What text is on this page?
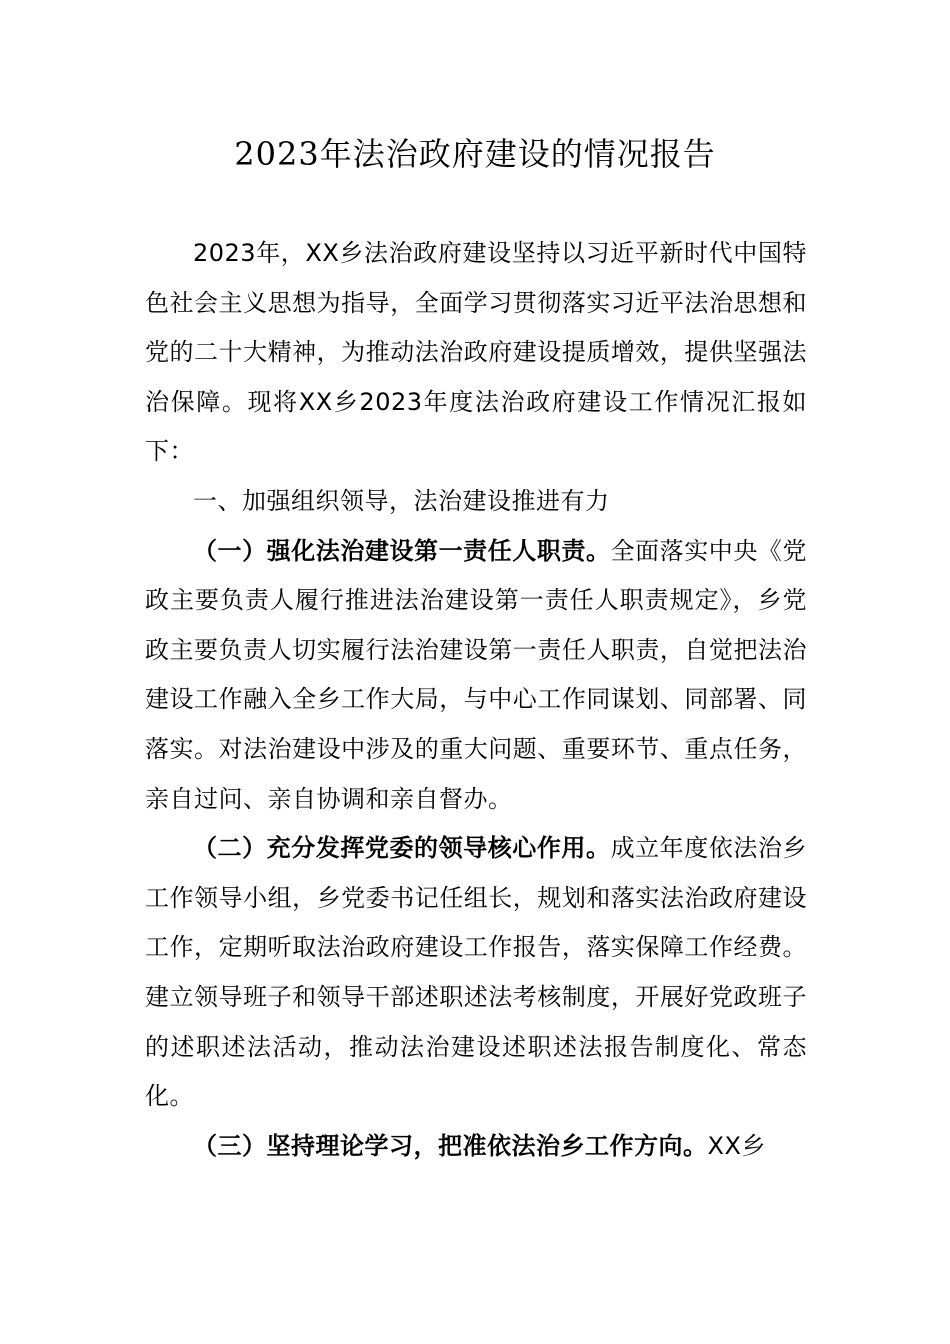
2023年法治政府建设的情况报告

2023年，XX乡法治政府建设坚持以习近平新时代中国特色社会主义思想为指导，全面学习贯彻落实习近平法治思想和党的二十大精神，为推动法治政府建设提质增效，提供坚强法治保障。现将XX乡2023年度法治政府建设工作情况汇报如下：

一、加强组织领导，法治建设推进有力

（一）强化法治建设第一责任人职责。全面落实中央《党政主要负责人履行推进法治建设第一责任人职责规定》，乡党政主要负责人切实履行法治建设第一责任人职责，自觉把法治建设工作融入全乡工作大局，与中心工作同谋划、同部署、同落实。对法治建设中涉及的重大问题、重要环节、重点任务，亲自过问、亲自协调和亲自督办。

（二）充分发挥党委的领导核心作用。成立年度依法治乡工作领导小组，乡党委书记任组长，规划和落实法治政府建设工作，定期听取法治政府建设工作报告，落实保障工作经费。建立领导班子和领导干部述职述法考核制度，开展好党政班子的述职述法活动，推动法治建设述职述法报告制度化、常态化。

（三）坚持理论学习，把准依法治乡工作方向。XX乡
